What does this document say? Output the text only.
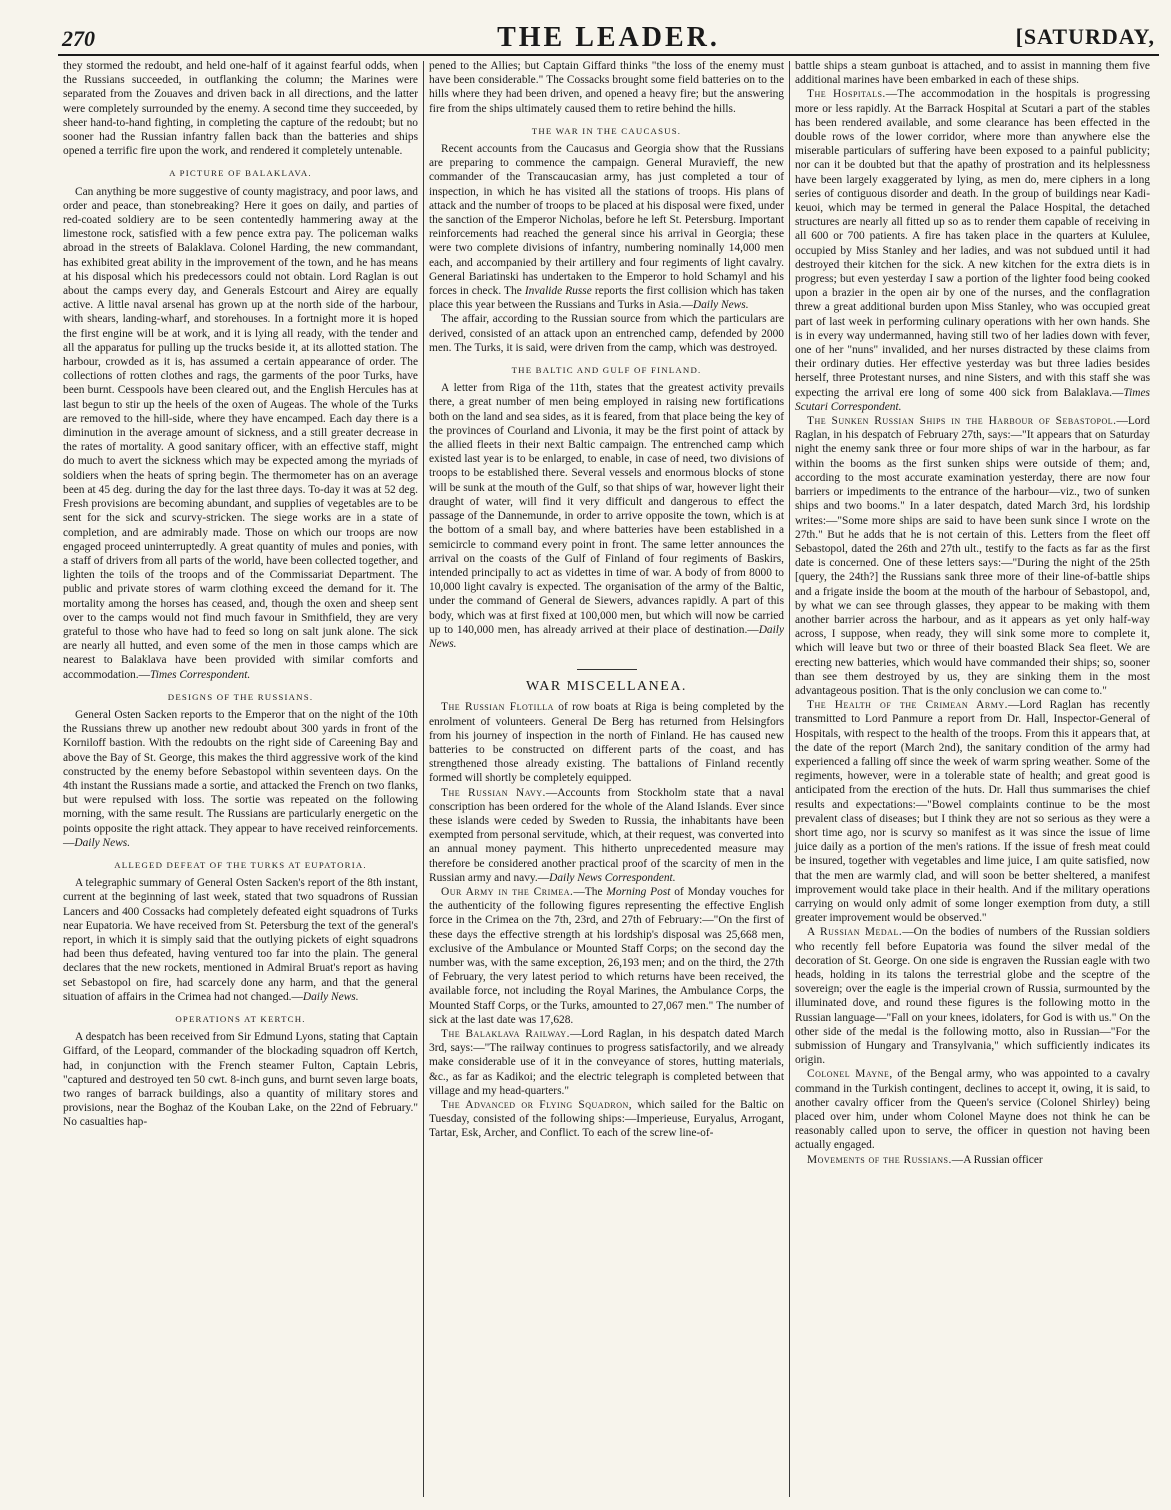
270	THE LEADER.	[SATURDAY,

they stormed the redoubt, and held one-half of it against fearful odds, when the Russians succeeded, in outflanking the column; the Marines were separated from the Zouaves and driven back in all directions, and the latter were completely surrounded by the enemy. A second time they succeeded, by sheer hand-to-hand fighting, in completing the capture of the redoubt; but no sooner had the Russian infantry fallen back than the batteries and ships opened a terrific fire upon the work, and rendered it completely untenable.

A PICTURE OF BALAKLAVA.

Can anything be more suggestive of county magistracy, and poor laws, and order and peace, than stonebreaking? Here it goes on daily, and parties of red-coated soldiery are to be seen contentedly hammering away at the limestone rock, satisfied with a few pence extra pay. The policeman walks abroad in the streets of Balaklava. Colonel Harding, the new commandant, has exhibited great ability in the improvement of the town, and he has means at his disposal which his predecessors could not obtain. Lord Raglan is out about the camps every day, and Generals Estcourt and Airey are equally active. A little naval arsenal has grown up at the north side of the harbour, with shears, landing-wharf, and storehouses. In a fortnight more it is hoped the first engine will be at work, and it is lying all ready, with the tender and all the apparatus for pulling up the trucks beside it, at its allotted station. The harbour, crowded as it is, has assumed a certain appearance of order. The collections of rotten clothes and rags, the garments of the poor Turks, have been burnt. Cesspools have been cleared out, and the English Hercules has at last begun to stir up the heels of the oxen of Augeas. The whole of the Turks are removed to the hill-side, where they have encamped. Each day there is a diminution in the average amount of sickness, and a still greater decrease in the rates of mortality. A good sanitary officer, with an effective staff, might do much to avert the sickness which may be expected among the myriads of soldiers when the heats of spring begin. The thermometer has on an average been at 45 deg. during the day for the last three days. To-day it was at 52 deg. Fresh provisions are becoming abundant, and supplies of vegetables are to be sent for the sick and scurvy-stricken. The siege works are in a state of completion, and are admirably made. Those on which our troops are now engaged proceed uninterruptedly. A great quantity of mules and ponies, with a staff of drivers from all parts of the world, have been collected together, and lighten the toils of the troops and of the Commissariat Department. The public and private stores of warm clothing exceed the demand for it. The mortality among the horses has ceased, and, though the oxen and sheep sent over to the camps would not find much favour in Smithfield, they are very grateful to those who have had to feed so long on salt junk alone. The sick are nearly all hutted, and even some of the men in those camps which are nearest to Balaklava have been provided with similar comforts and accommodation.—Times Correspondent.

DESIGNS OF THE RUSSIANS.

General Osten Sacken reports to the Emperor that on the night of the 10th the Russians threw up another new redoubt about 300 yards in front of the Korniloff bastion. With the redoubts on the right side of Careening Bay and above the Bay of St. George, this makes the third aggressive work of the kind constructed by the enemy before Sebastopol within seventeen days. On the 4th instant the Russians made a sortie, and attacked the French on two flanks, but were repulsed with loss. The sortie was repeated on the following morning, with the same result. The Russians are particularly energetic on the points opposite the right attack. They appear to have received reinforcements.—Daily News.

ALLEGED DEFEAT OF THE TURKS AT EUPATORIA.

A telegraphic summary of General Osten Sacken's report of the 8th instant, current at the beginning of last week, stated that two squadrons of Russian Lancers and 400 Cossacks had completely defeated eight squadrons of Turks near Eupatoria. We have received from St. Petersburg the text of the general's report, in which it is simply said that the outlying pickets of eight squadrons had been thus defeated, having ventured too far into the plain. The general declares that the new rockets, mentioned in Admiral Bruat's report as having set Sebastopol on fire, had scarcely done any harm, and that the general situation of affairs in the Crimea had not changed.—Daily News.

OPERATIONS AT KERTCH.

A despatch has been received from Sir Edmund Lyons, stating that Captain Giffard, of the Leopard, commander of the blockading squadron off Kertch, had, in conjunction with the French steamer Fulton, Captain Lebris, "captured and destroyed ten 50 cwt. 8-inch guns, and burnt seven large boats, two ranges of barrack buildings, also a quantity of military stores and provisions, near the Boghaz of the Kouban Lake, on the 22nd of February." No casualties hap-

pened to the Allies; but Captain Giffard thinks "the loss of the enemy must have been considerable." The Cossacks brought some field batteries on to the hills where they had been driven, and opened a heavy fire; but the answering fire from the ships ultimately caused them to retire behind the hills.

THE WAR IN THE CAUCASUS.

Recent accounts from the Caucasus and Georgia show that the Russians are preparing to commence the campaign. General Muravieff, the new commander of the Transcaucasian army, has just completed a tour of inspection, in which he has visited all the stations of troops. His plans of attack and the number of troops to be placed at his disposal were fixed, under the sanction of the Emperor Nicholas, before he left St. Petersburg. Important reinforcements had reached the general since his arrival in Georgia; these were two complete divisions of infantry, numbering nominally 14,000 men each, and accompanied by their artillery and four regiments of light cavalry. General Bariatinski has undertaken to the Emperor to hold Schamyl and his forces in check. The Invalide Russe reports the first collision which has taken place this year between the Russians and Turks in Asia.—Daily News.

The affair, according to the Russian source from which the particulars are derived, consisted of an attack upon an entrenched camp, defended by 2000 men. The Turks, it is said, were driven from the camp, which was destroyed.

THE BALTIC AND GULF OF FINLAND.

A letter from Riga of the 11th, states that the greatest activity prevails there, a great number of men being employed in raising new fortifications both on the land and sea sides, as it is feared, from that place being the key of the provinces of Courland and Livonia, it may be the first point of attack by the allied fleets in their next Baltic campaign. The entrenched camp which existed last year is to be enlarged, to enable, in case of need, two divisions of troops to be established there. Several vessels and enormous blocks of stone will be sunk at the mouth of the Gulf, so that ships of war, however light their draught of water, will find it very difficult and dangerous to effect the passage of the Dannemunde, in order to arrive opposite the town, which is at the bottom of a small bay, and where batteries have been established in a semicircle to command every point in front. The same letter announces the arrival on the coasts of the Gulf of Finland of four regiments of Baskirs, intended principally to act as videttes in time of war. A body of from 8000 to 10,000 light cavalry is expected. The organisation of the army of the Baltic, under the command of General de Siewers, advances rapidly. A part of this body, which was at first fixed at 100,000 men, but which will now be carried up to 140,000 men, has already arrived at their place of destination.—Daily News.

WAR MISCELLANEA.

The Russian Flotilla of row boats at Riga is being completed by the enrolment of volunteers. General De Berg has returned from Helsingfors from his journey of inspection in the north of Finland. He has caused new batteries to be constructed on different parts of the coast, and has strengthened those already existing. The battalions of Finland recently formed will shortly be completely equipped.

The Russian Navy.—Accounts from Stockholm state that a naval conscription has been ordered for the whole of the Aland Islands. Ever since these islands were ceded by Sweden to Russia, the inhabitants have been exempted from personal servitude, which, at their request, was converted into an annual money payment. This hitherto unprecedented measure may therefore be considered another practical proof of the scarcity of men in the Russian army and navy.—Daily News Correspondent.

Our Army in the Crimea.—The Morning Post of Monday vouches for the authenticity of the following figures representing the effective English force in the Crimea on the 7th, 23rd, and 27th of February:—"On the first of these days the effective strength at his lordship's disposal was 25,668 men, exclusive of the Ambulance or Mounted Staff Corps; on the second day the number was, with the same exception, 26,193 men; and on the third, the 27th of February, the very latest period to which returns have been received, the available force, not including the Royal Marines, the Ambulance Corps, the Mounted Staff Corps, or the Turks, amounted to 27,067 men." The number of sick at the last date was 17,628.

The Balaklava Railway.—Lord Raglan, in his despatch dated March 3rd, says:—"The railway continues to progress satisfactorily, and we already make considerable use of it in the conveyance of stores, hutting materials, &c., as far as Kadikoi; and the electric telegraph is completed between that village and my head-quarters."

The Advanced or Flying Squadron, which sailed for the Baltic on Tuesday, consisted of the following ships:—Imperieuse, Euryalus, Arrogant, Tartar, Esk, Archer, and Conflict. To each of the screw line-of-

battle ships a steam gunboat is attached, and to assist in manning them five additional marines have been embarked in each of these ships.

The Hospitals.—The accommodation in the hospitals is progressing more or less rapidly. At the Barrack Hospital at Scutari a part of the stables has been rendered available, and some clearance has been effected in the double rows of the lower corridor, where more than anywhere else the miserable particulars of suffering have been exposed to a painful publicity; nor can it be doubted but that the apathy of prostration and its helplessness have been largely exaggerated by lying, as men do, mere ciphers in a long series of contiguous disorder and death. In the group of buildings near Kadi-keuoi, which may be termed in general the Palace Hospital, the detached structures are nearly all fitted up so as to render them capable of receiving in all 600 or 700 patients. A fire has taken place in the quarters at Kululee, occupied by Miss Stanley and her ladies, and was not subdued until it had destroyed their kitchen for the sick. A new kitchen for the extra diets is in progress; but even yesterday I saw a portion of the lighter food being cooked upon a brazier in the open air by one of the nurses, and the conflagration threw a great additional burden upon Miss Stanley, who was occupied great part of last week in performing culinary operations with her own hands. She is in every way undermanned, having still two of her ladies down with fever, one of her "nuns" invalided, and her nurses distracted by these claims from their ordinary duties. Her effective yesterday was but three ladies besides herself, three Protestant nurses, and nine Sisters, and with this staff she was expecting the arrival ere long of some 400 sick from Balaklava.—Times Scutari Correspondent.

The Sunken Russian Ships in the Harbour of Sebastopol.—Lord Raglan, in his despatch of February 27th, says:—"It appears that on Saturday night the enemy sank three or four more ships of war in the harbour, as far within the booms as the first sunken ships were outside of them; and, according to the most accurate examination yesterday, there are now four barriers or impediments to the entrance of the harbour—viz., two of sunken ships and two booms." In a later despatch, dated March 3rd, his lordship writes:—"Some more ships are said to have been sunk since I wrote on the 27th." But he adds that he is not certain of this. Letters from the fleet off Sebastopol, dated the 26th and 27th ult., testify to the facts as far as the first date is concerned. One of these letters says:—"During the night of the 25th [query, the 24th?] the Russians sank three more of their line-of-battle ships and a frigate inside the boom at the mouth of the harbour of Sebastopol, and, by what we can see through glasses, they appear to be making with them another barrier across the harbour, and as it appears as yet only half-way across, I suppose, when ready, they will sink some more to complete it, which will leave but two or three of their boasted Black Sea fleet. We are erecting new batteries, which would have commanded their ships; so, sooner than see them destroyed by us, they are sinking them in the most advantageous position. That is the only conclusion we can come to."

The Health of the Crimean Army.—Lord Raglan has recently transmitted to Lord Panmure a report from Dr. Hall, Inspector-General of Hospitals, with respect to the health of the troops. From this it appears that, at the date of the report (March 2nd), the sanitary condition of the army had experienced a falling off since the week of warm spring weather. Some of the regiments, however, were in a tolerable state of health; and great good is anticipated from the erection of the huts. Dr. Hall thus summarises the chief results and expectations:—"Bowel complaints continue to be the most prevalent class of diseases; but I think they are not so serious as they were a short time ago, nor is scurvy so manifest as it was since the issue of lime juice daily as a portion of the men's rations. If the issue of fresh meat could be insured, together with vegetables and lime juice, I am quite satisfied, now that the men are warmly clad, and will soon be better sheltered, a manifest improvement would take place in their health. And if the military operations carrying on would only admit of some longer exemption from duty, a still greater improvement would be observed."

A Russian Medal.—On the bodies of numbers of the Russian soldiers who recently fell before Eupatoria was found the silver medal of the decoration of St. George. On one side is engraven the Russian eagle with two heads, holding in its talons the terrestrial globe and the sceptre of the sovereign; over the eagle is the imperial crown of Russia, surmounted by the illuminated dove, and round these figures is the following motto in the Russian language—"Fall on your knees, idolaters, for God is with us." On the other side of the medal is the following motto, also in Russian—"For the submission of Hungary and Transylvania," which sufficiently indicates its origin.

Colonel Mayne, of the Bengal army, who was appointed to a cavalry command in the Turkish contingent, declines to accept it, owing, it is said, to another cavalry officer from the Queen's service (Colonel Shirley) being placed over him, under whom Colonel Mayne does not think he can be reasonably called upon to serve, the officer in question not having been actually engaged.

Movements of the Russians.—A Russian officer
